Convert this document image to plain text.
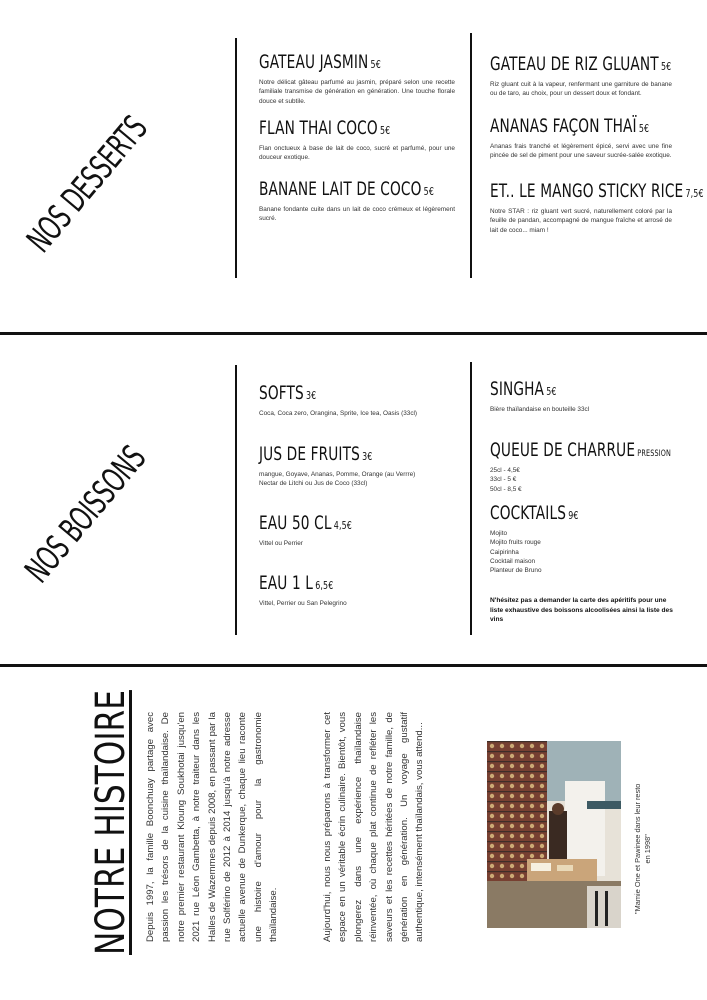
NOS DESSERTS
GATEAU JASMIN 5€
Notre délicat gâteau parfumé au jasmin, préparé selon une recette familiale transmise de génération en génération. Une touche florale douce et subtile.
FLAN THAI COCO 5€
Flan onctueux à base de lait de coco, sucré et parfumé, pour une douceur exotique.
BANANE LAIT DE COCO 5€
Banane fondante cuite dans un lait de coco crémeux et légèrement sucré.
GATEAU DE RIZ GLUANT 5€
Riz gluant cuit à la vapeur, renfermant une garniture de banane ou de taro, au choix, pour un dessert doux et fondant.
ANANAS FAÇON THAÏ 5€
Ananas frais tranché et légèrement épicé, servi avec une fine pincée de sel de piment pour une saveur sucrée-salée exotique.
ET.. LE MANGO STICKY RICE 7,5€
Notre STAR : riz gluant vert sucré, naturellement coloré par la feuille de pandan, accompagné de mangue fraîche et arrosé de lait de coco... miam !
NOS BOISSONS
SOFTS 3€
Coca, Coca zero, Orangina, Sprite, Ice tea, Oasis (33cl)
JUS DE FRUITS 3€
mangue, Goyave, Ananas, Pomme, Orange (au Verrre)
Nectar de Litchi ou Jus de Coco (33cl)
EAU 50 CL 4,5€
Vittel ou Perrier
EAU 1 L 6,5€
Vittel, Perrier ou San Pelegrino
SINGHA 5€
Bière thaïlandaise en bouteille 33cl
QUEUE DE CHARRUE PRESSION
25cl - 4,5€
33cl - 5 €
50cl - 8,5 €
COCKTAILS 9€
Mojito
Mojito fruits rouge
Caipirinha
Cocktail maison
Planteur de Bruno
N'hésitez pas a demander la carte des apéritifs pour une liste exhaustive des boissons alcoolisées ainsi la liste des vins
NOTRE HISTOIRE Depuis 1997, la famille Boonchuay partage avec passion les trésors de la cuisine thaïlandaise. De notre premier restaurant Kloung Soukhotai jusqu'en 2021 rue Léon Gambetta, à notre traiteur dans les Halles de Wazemmes depuis 2008, en passant par la rue Solférino de 2012 à 2014 jusqu'à notre adresse actuelle avenue de Dunkerque, chaque lieu raconte une histoire d'amour pour la gastronomie thaïlandaise.	Aujourd'hui, nous nous préparons à transformer cet espace en un véritable écrin culinaire. Bientôt, vous plongerez dans une expérience thaïlandaise réinventée, où chaque plat continue de refléter les saveurs et les recettes héritées de notre famille, de génération en génération. Un voyage gustatif authentique, intensément thaïlandais, vous attend...	"Mamie One et Pawinee dans leur resto en 1998"
